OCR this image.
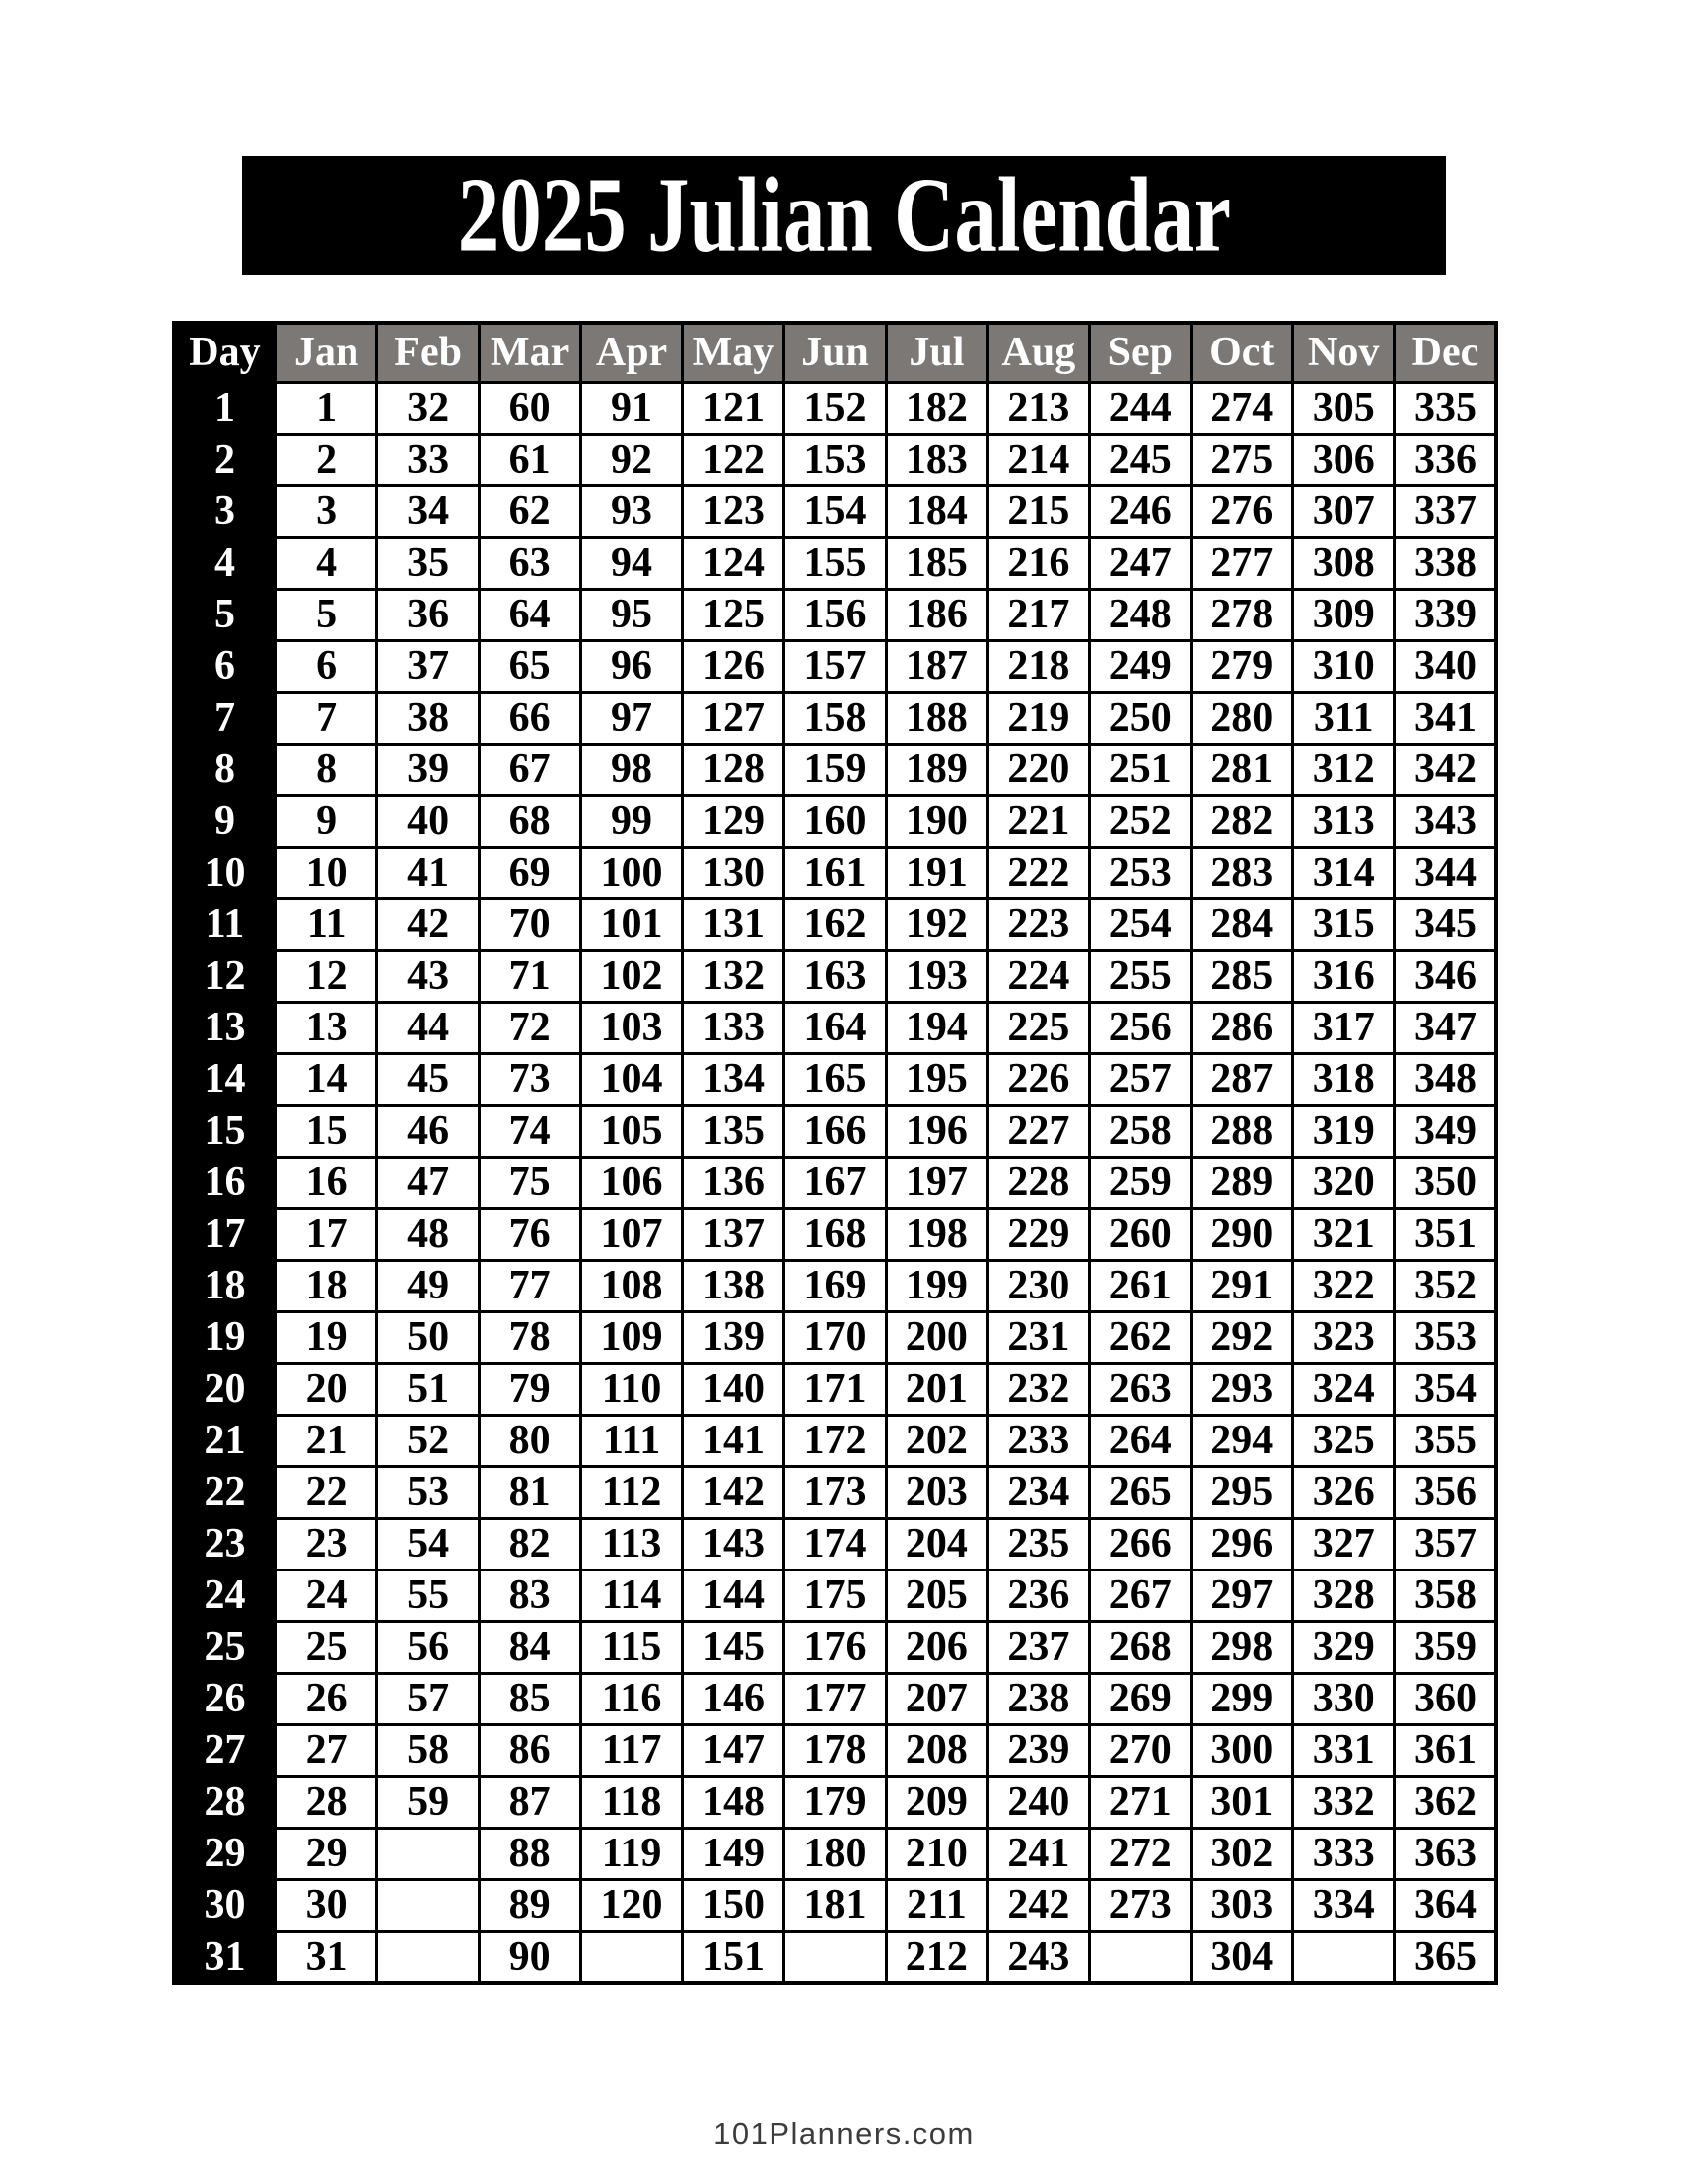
2025 Julian Calendar
Day	Jan	Feb	Mar	Apr	May	Jun	Jul	Aug	Sep	Oct	Nov	Dec
1	1	32	60	91	121	152	182	213	244	274	305	335
2	2	33	61	92	122	153	183	214	245	275	306	336
3	3	34	62	93	123	154	184	215	246	276	307	337
4	4	35	63	94	124	155	185	216	247	277	308	338
5	5	36	64	95	125	156	186	217	248	278	309	339
6	6	37	65	96	126	157	187	218	249	279	310	340
7	7	38	66	97	127	158	188	219	250	280	311	341
8	8	39	67	98	128	159	189	220	251	281	312	342
9	9	40	68	99	129	160	190	221	252	282	313	343
10	10	41	69	100	130	161	191	222	253	283	314	344
11	11	42	70	101	131	162	192	223	254	284	315	345
12	12	43	71	102	132	163	193	224	255	285	316	346
13	13	44	72	103	133	164	194	225	256	286	317	347
14	14	45	73	104	134	165	195	226	257	287	318	348
15	15	46	74	105	135	166	196	227	258	288	319	349
16	16	47	75	106	136	167	197	228	259	289	320	350
17	17	48	76	107	137	168	198	229	260	290	321	351
18	18	49	77	108	138	169	199	230	261	291	322	352
19	19	50	78	109	139	170	200	231	262	292	323	353
20	20	51	79	110	140	171	201	232	263	293	324	354
21	21	52	80	111	141	172	202	233	264	294	325	355
22	22	53	81	112	142	173	203	234	265	295	326	356
23	23	54	82	113	143	174	204	235	266	296	327	357
24	24	55	83	114	144	175	205	236	267	297	328	358
25	25	56	84	115	145	176	206	237	268	298	329	359
26	26	57	85	116	146	177	207	238	269	299	330	360
27	27	58	86	117	147	178	208	239	270	300	331	361
28	28	59	87	118	148	179	209	240	271	301	332	362
29	29		88	119	149	180	210	241	272	302	333	363
30	30		89	120	150	181	211	242	273	303	334	364
31	31		90		151		212	243		304		365
101Planners.com
